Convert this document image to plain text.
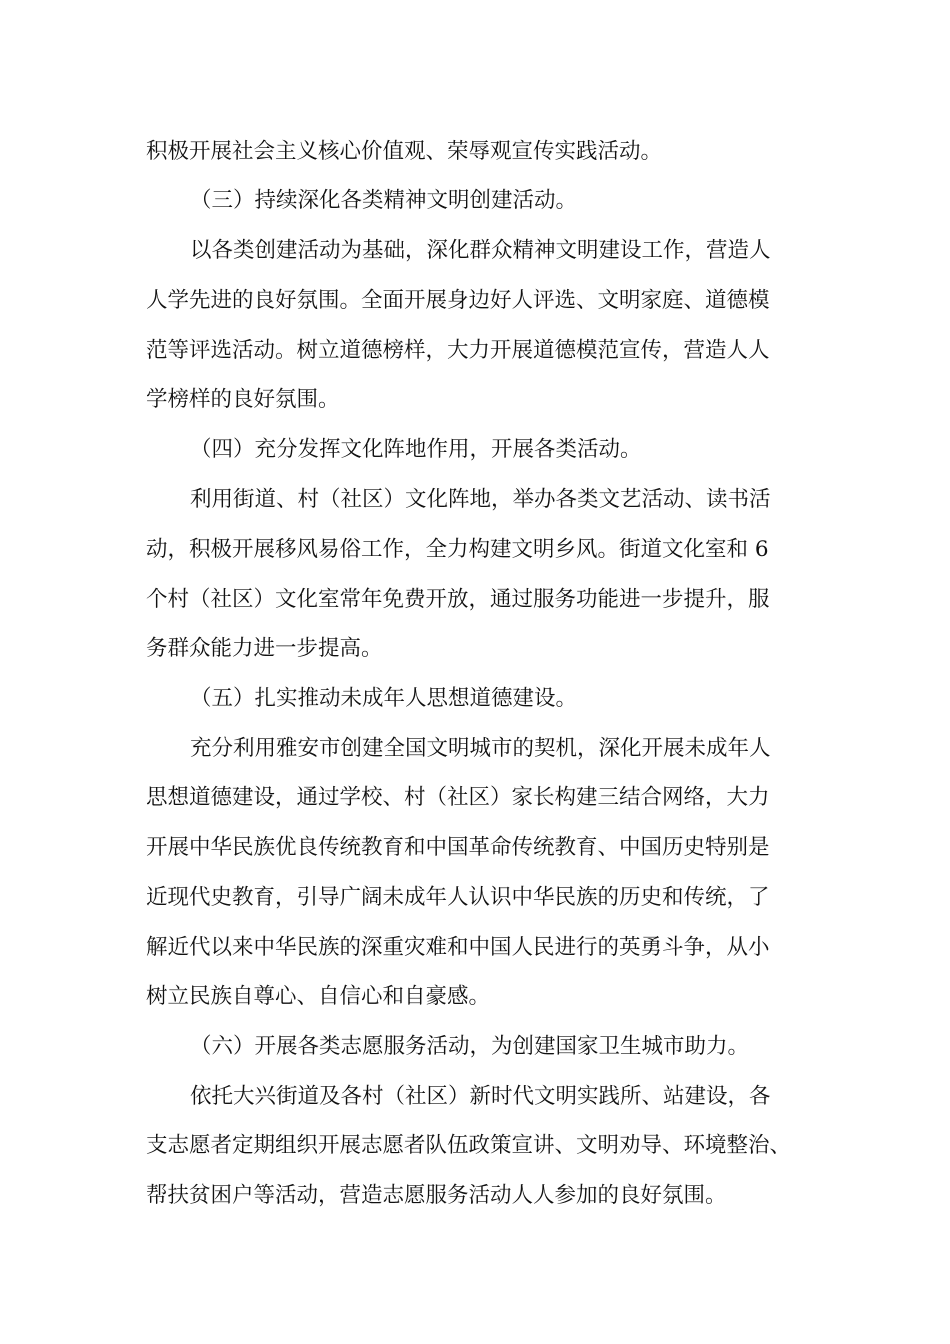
积极开展社会主义核心价值观、荣辱观宣传实践活动。
（三）持续深化各类精神文明创建活动。
以各类创建活动为基础，深化群众精神文明建设工作，营造人
人学先进的良好氛围。全面开展身边好人评选、文明家庭、道德模
范等评选活动。树立道德榜样，大力开展道德模范宣传，营造人人
学榜样的良好氛围。
（四）充分发挥文化阵地作用，开展各类活动。
利用街道、村（社区）文化阵地，举办各类文艺活动、读书活
动，积极开展移风易俗工作，全力构建文明乡风。街道文化室和 6
个村（社区）文化室常年免费开放，通过服务功能进一步提升，服
务群众能力进一步提高。
（五）扎实推动未成年人思想道德建设。
充分利用雅安市创建全国文明城市的契机，深化开展未成年人
思想道德建设，通过学校、村（社区）家长构建三结合网络，大力
开展中华民族优良传统教育和中国革命传统教育、中国历史特别是
近现代史教育，引导广阔未成年人认识中华民族的历史和传统，了
解近代以来中华民族的深重灾难和中国人民进行的英勇斗争，从小
树立民族自尊心、自信心和自豪感。
（六）开展各类志愿服务活动，为创建国家卫生城市助力。
依托大兴街道及各村（社区）新时代文明实践所、站建设，各
支志愿者定期组织开展志愿者队伍政策宣讲、文明劝导、环境整治、
帮扶贫困户等活动，营造志愿服务活动人人参加的良好氛围。
